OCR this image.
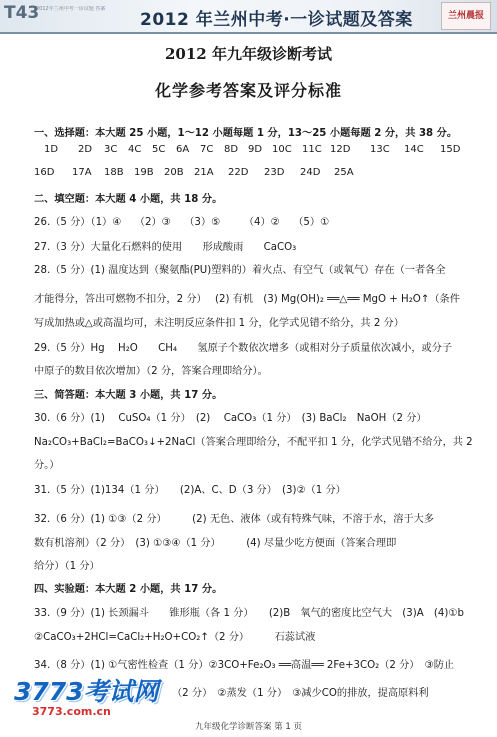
T43
2012年兰州中考一诊试题 答案
2012 年兰州中考·一诊试题及答案	兰州晨报
2012 年九年级诊断考试
化学参考答案及评分标准
一、选择题：本大题 25 小题，1～12 小题每题 1 分，13～25 小题每题 2 分，共 38 分。
1D 2D 3C 4C 5C 6A 7C 8D 9D 10C 11C 12D 13C 14C 15D
16D 17A 18B 19B 20B 21A 22D 23D 24D 25A
二、填空题：本大题 4 小题，共 18 分。
26.（5 分）（1）④　 （2）③　 （3）⑤　　 （4）②　 （5）①
27.（3 分）大量化石燃料的使用　　形成酸雨　　CaCO₃
28.（5 分）(1) 温度达到（聚氨酯(PU)塑料的）着火点、有空气（或氧气）存在（一者各全
才能得分，答出可燃物不扣分，2 分）　 (2) 有机　(3) Mg(OH)₂ ══△══ MgO + H₂O↑（条件
写成加热或△或高温均可，未注明反应条件扣 1 分，化学式见错不给分，共 2 分）
29.（5 分）Hg　 H₂O　　CH₄　　氢原子个数依次增多（或相对分子质量依次减小，或分子
中原子的数目依次增加）（2 分，答案合理即给分）。
三、简答题：本大题 3 小题，共 17 分。
30.（6 分）(1)　 CuSO₄（1 分）　(2)　 CaCO₃（1 分）　(3) BaCl₂　NaOH（2 分）
Na₂CO₃+BaCl₂=BaCO₃↓+2NaCl（答案合理即给分，不配平扣 1 分，化学式见错不给分，共 2
分。）
31.（5 分）(1)134（1 分）　　(2)A、C、D（3 分）　(3)②（1 分）
32.（6 分）(1) ①③（2 分）　　　(2) 无色、液体（或有特殊气味，不溶于水，溶于大多
数有机溶剂）（2 分）　(3) ①③④（1 分）　　　(4) 尽量少吃方便面（答案合理即
给分）（1 分）
四、实验题：本大题 2 小题，共 17 分。
33.（9 分）(1) 长颈漏斗　　锥形瓶（各 1 分）　　(2)B　氧气的密度比空气大　(3)A　(4)①b
②CaCO₃+2HCl=CaCl₂+H₂O+CO₂↑（2 分）　　　石蕊试液
34.（8 分）(1) ①气密性检查（1 分）②3CO+Fe₂O₃ ══高温══ 2Fe+3CO₂（2 分）　③防止
（2 分）　②蒸发（1 分）　③减少CO的排放，提高原料利
3773考试网
3773.com.cn
九年级化学诊断答案 第 1 页
